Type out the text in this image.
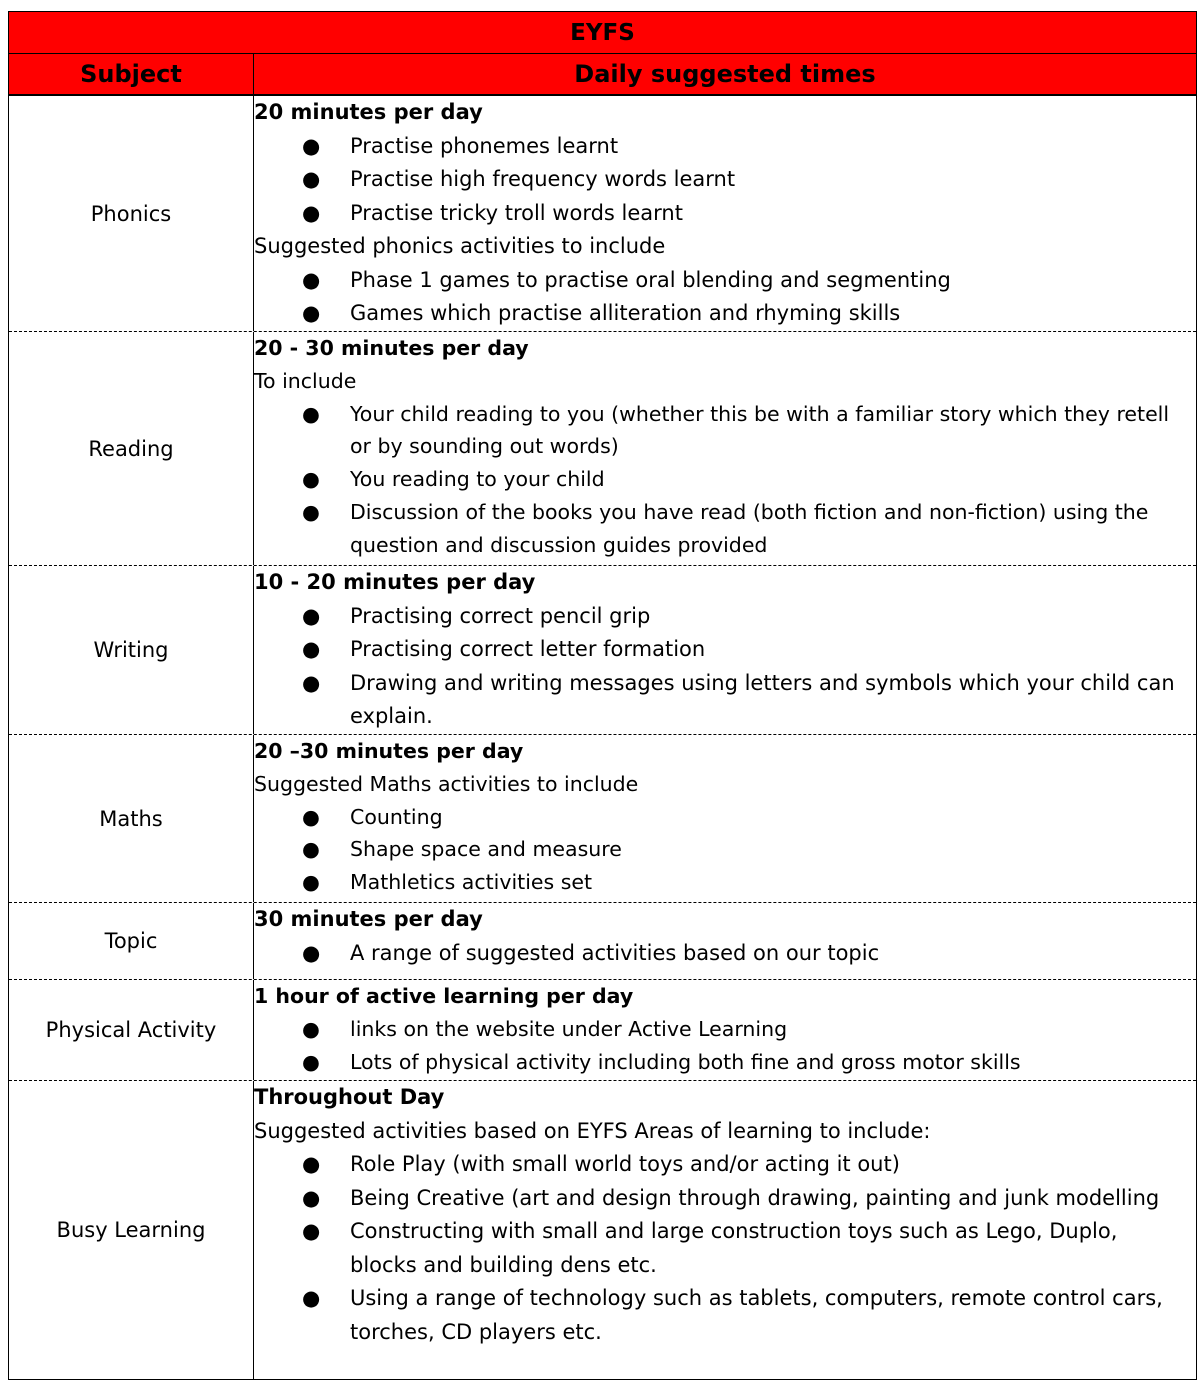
EYFS
Subject	Daily suggested times
Phonics
20 minutes per day
● Practise phonemes learnt
● Practise high frequency words learnt
● Practise tricky troll words learnt
Suggested phonics activities to include
● Phase 1 games to practise oral blending and segmenting
● Games which practise alliteration and rhyming skills
Reading
20 - 30 minutes per day
To include
● Your child reading to you (whether this be with a familiar story which they retell or by sounding out words)
● You reading to your child
● Discussion of the books you have read (both fiction and non-fiction) using the question and discussion guides provided
Writing
10 - 20 minutes per day
● Practising correct pencil grip
● Practising correct letter formation
● Drawing and writing messages using letters and symbols which your child can explain.
Maths
20 –30 minutes per day
Suggested Maths activities to include
● Counting
● Shape space and measure
● Mathletics activities set
Topic
30 minutes per day
● A range of suggested activities based on our topic
Physical Activity
1 hour of active learning per day
● links on the website under Active Learning
● Lots of physical activity including both fine and gross motor skills
Busy Learning
Throughout Day
Suggested activities based on EYFS Areas of learning to include:
● Role Play (with small world toys and/or acting it out)
● Being Creative (art and design through drawing, painting and junk modelling
● Constructing with small and large construction toys such as Lego, Duplo, blocks and building dens etc.
● Using a range of technology such as tablets, computers, remote control cars, torches, CD players etc.
